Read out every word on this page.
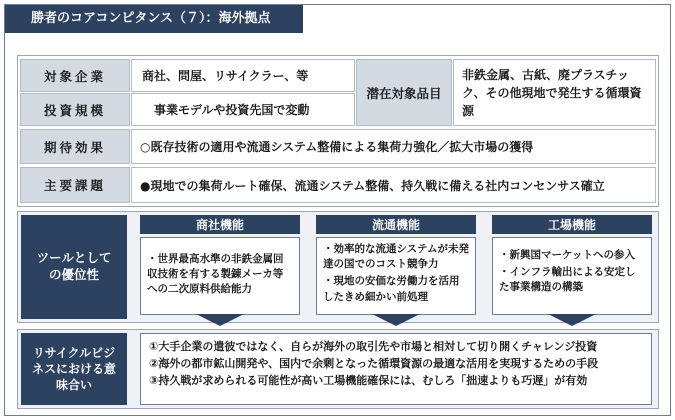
勝者のコアコンピタンス（７）：海外拠点
対象企業	商社、問屋、リサイクラー、等
投資規模	事業モデルや投資先国で変動
潜在対象品目
非鉄金属、古紙、廃プラスチック、その他現地で発生する循環資源
期待効果	○既存技術の適用や流通システム整備による集荷力強化／拡大市場の獲得
主要課題	●現地での集荷ルート確保、流通システム整備、持久戦に備える社内コンセンサス確立
ツールとしての優位性
商社機能

・世界最高水準の非鉄金属回収技術を有する製錬メーカ等への二次原料供給能力

流通機能

・効率的な流通システムが未発達の国でのコスト競争力

・現地の安価な労働力を活用したきめ細かい前処理

工場機能

・新興国マーケットへの参入

・インフラ輸出による安定した事業構造の構築

リサイクルビジネスにおける意味合い

①大手企業の遣彼ではなく、自らが海外の取引先や市場と相対して切り開くチャレンジ投資

②海外の都市鉱山開発や、国内で余剰となった循環資源の最適な活用を実現するための手段

③持久戦が求められる可能性が高い工場機能確保には、むしろ「拙速よりも巧遅」が有効
